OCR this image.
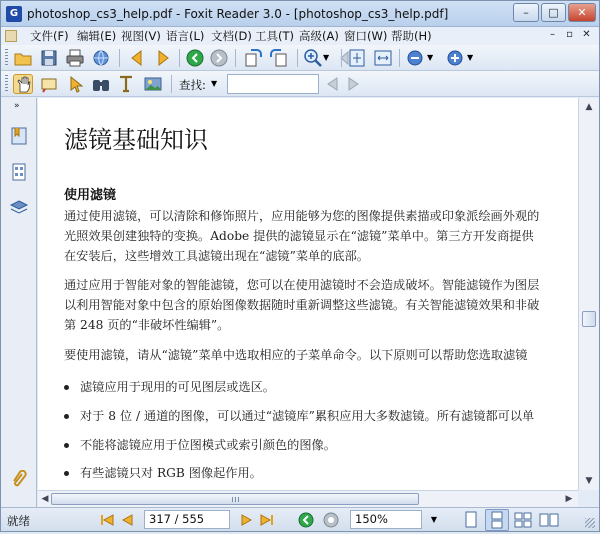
G photoshop_cs3_help.pdf - Foxit Reader 3.0 - [photoshop_cs3_help.pdf]	–	□	✕
文件(F) 编辑(E) 视图(V) 语言(L) 文档(D) 工具(T) 高级(A) 窗口(W) 帮助(H)	–	▫ ✕
▼	▼	▼
查找: ▼
»
滤镜基础知识
使用滤镜
通过使用滤镜，可以清除和修饰照片，应用能够为您的图像提供素描或印象派绘画外观的
光照效果创建独特的变换。Adobe 提供的滤镜显示在“滤镜”菜单中。第三方开发商提供
在安装后，这些增效工具滤镜出现在“滤镜”菜单的底部。
通过应用于智能对象的智能滤镜，您可以在使用滤镜时不会造成破坏。智能滤镜作为图层
以利用智能对象中包含的原始图像数据随时重新调整这些滤镜。有关智能滤镜效果和非破
第 248 页的“非破坏性编辑”。
要使用滤镜，请从“滤镜”菜单中选取相应的子菜单命令。以下原则可以帮助您选取滤镜
滤镜应用于现用的可见图层或选区。
对于 8 位 / 通道的图像，可以通过“滤镜库”累积应用大多数滤镜。所有滤镜都可以单
不能将滤镜应用于位图模式或索引颜色的图像。
有些滤镜只对 RGB 图像起作用。
▲
▼
◀	▶
就绪	317 / 555	150%	▼
